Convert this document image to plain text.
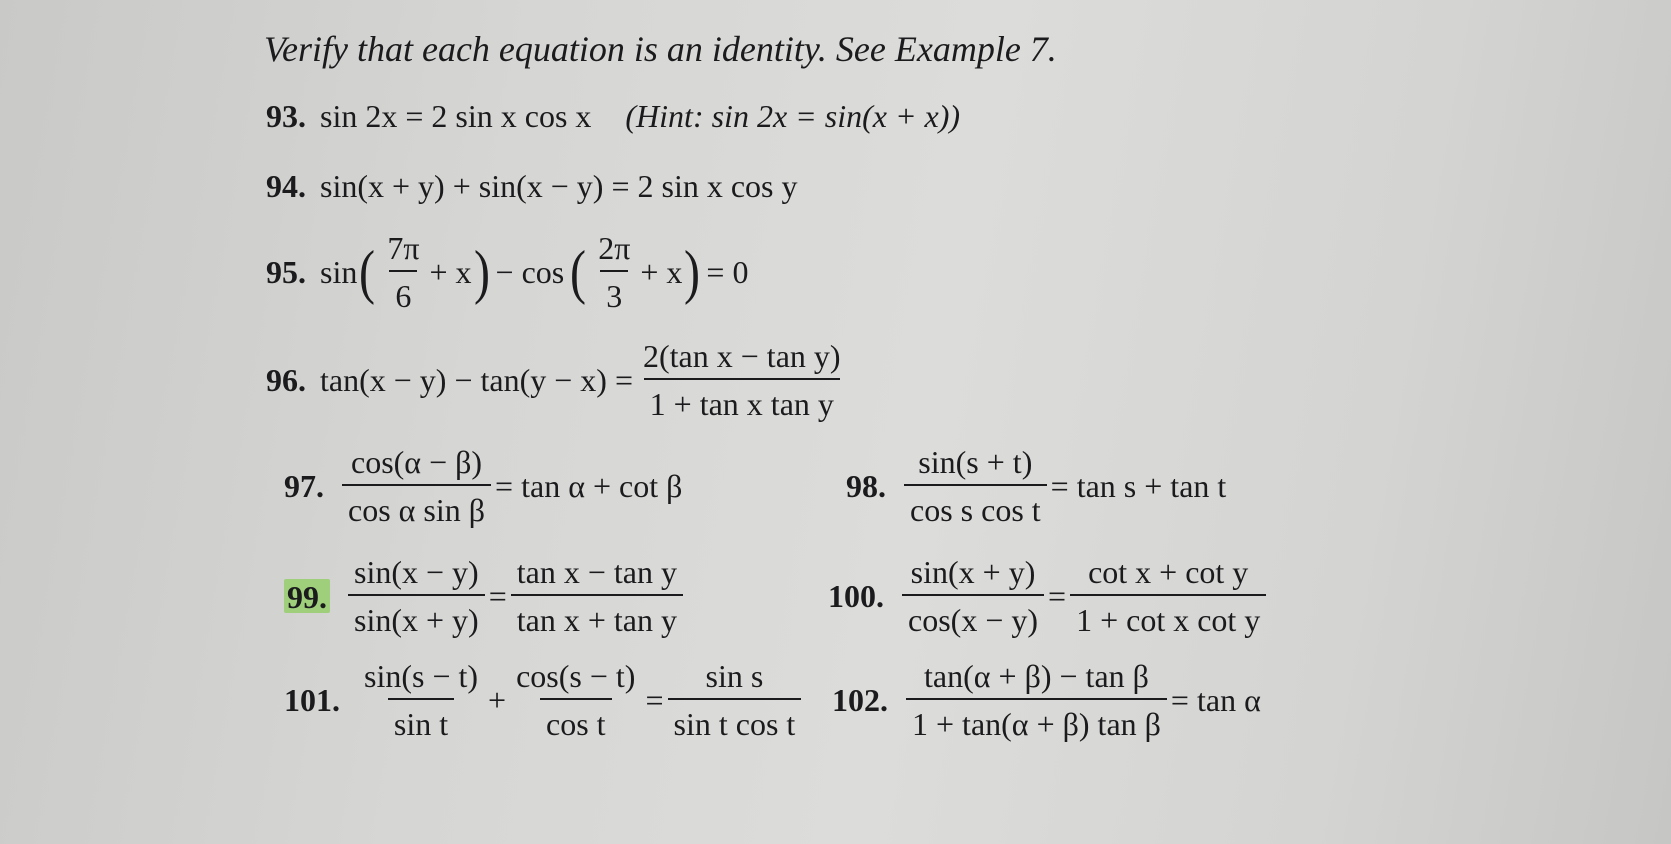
Verify that each equation is an identity. See Example 7.
93. sin 2x = 2 sin x cos x (Hint: sin 2x = sin(x + x))
94. sin(x + y) + sin(x − y) = 2 sin x cos y
95. sin ( $\frac{7\pi}{6} + x$ ) − cos ( $\frac{2\pi}{3} + x$ ) = 0
96. $\tan(x - y) - \tan(y - x) = \frac{\text{2(tan x − tan y)}}{\text{1 + tan x tan y}}$
97. $\frac{\cos(\alpha - \beta)}{\text{cos α sin β}} = \tan \alpha + \cot \beta$	98. $\frac{\sin(s + t)}{\text{cos s cos t}} = \tan s + \tan t$
99. $\frac{\sin(x - y)}{\sin(x + y)} = \frac{\text{tan x − tan y}}{\text{tan x + tan y}}$	100. $\frac{\sin(x + y)}{\cos(x - y)} = \frac{\text{cot x + cot y}}{\text{1 + cot x cot y}}$
101. $\frac{\sin(s - t)}{\text{sin t}} + \frac{\cos(s - t)}{\text{cos t}} = \frac{\text{sin s}}{\text{sin t cos t}} 102$. $\frac{\text{tan(α + β) − tan β}}{\text{1 + tan(α + β) tan β}} = \tan \alpha$
